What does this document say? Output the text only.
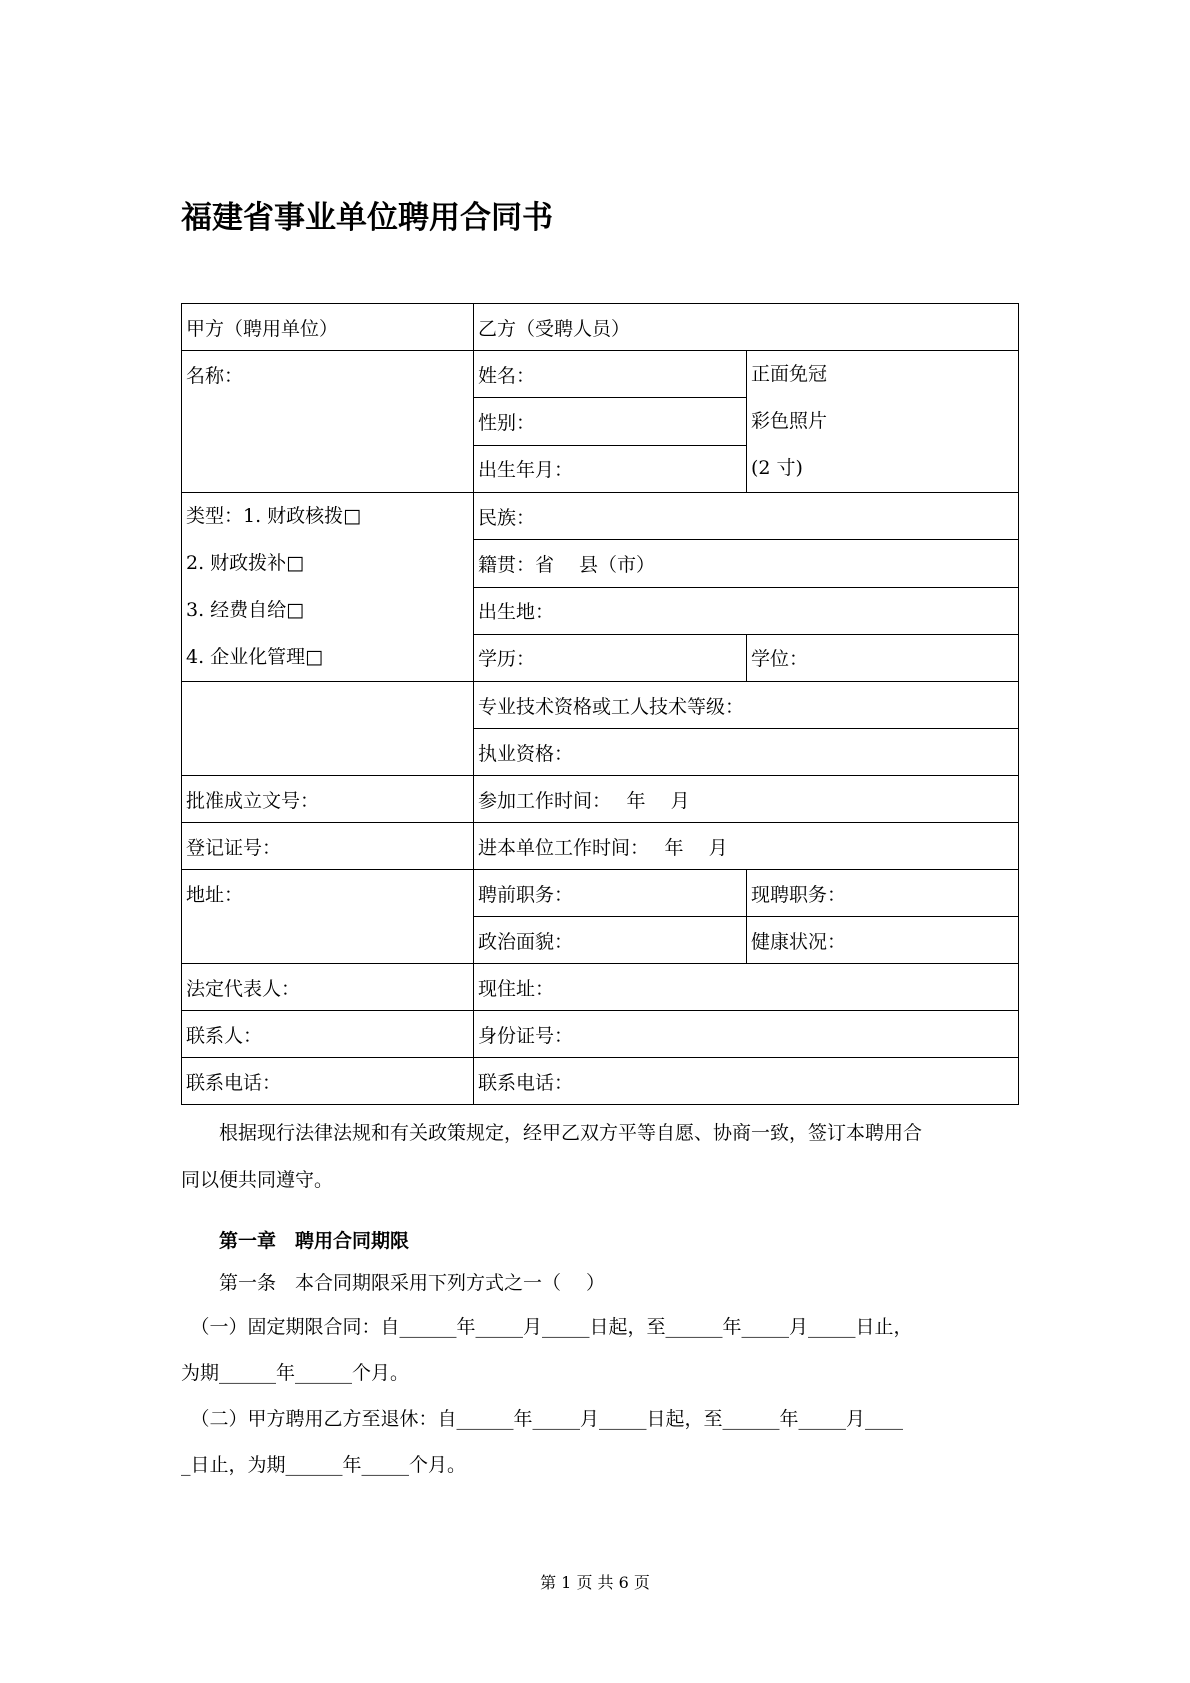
福建省事业单位聘用合同书
甲方（聘用单位）	乙方（受聘人员）	
名称：	姓名：	正面免冠
彩色照片
(2 寸)

	性别：	
	出生年月：	

类型：1. 财政核拨□
2. 财政拨补□
3. 经费自给□
4. 企业化管理□	民族：	
	籍贯：省　 县（市）	
	出生地：	
	学历：	学位：
	专业技术资格或工人技术等级：	
	执业资格：	
批准成立文号：	参加工作时间：　 年　 月	
登记证号：	进本单位工作时间：　 年　 月	
地址：	聘前职务：	现聘职务：
	政治面貌：	健康状况：
法定代表人：	现住址：	
联系人：	身份证号：	
联系电话：	联系电话：	
　　根据现行法律法规和有关政策规定，经甲乙双方平等自愿、协商一致，签订本聘用合
同以便共同遵守。
　　第一章　聘用合同期限
　　第一条　本合同期限采用下列方式之一（　 ）
　（一）固定期限合同：自______年_____月_____日起，至______年_____月_____日止，
为期______年______个月。
　（二）甲方聘用乙方至退休：自______年_____月_____日起，至______年_____月____
_日止，为期______年_____个月。
第 1 页 共 6 页
